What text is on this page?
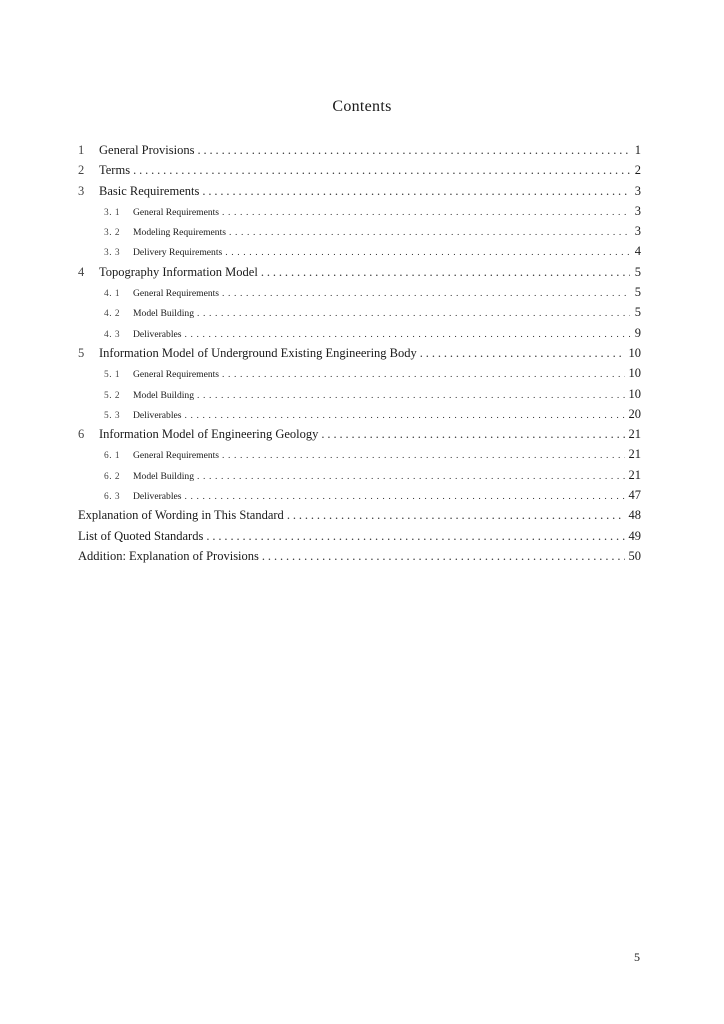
Contents
1	General Provisions .....	1
2	Terms .....	2
3	Basic Requirements .....	3
3. 1	General Requirements .....	3
3. 2	Modeling Requirements .....	3
3. 3	Delivery Requirements .....	4
4	Topography Information Model .....	5
4. 1	General Requirements .....	5
4. 2	Model Building .....	5
4. 3	Deliverables .....	9
5	Information Model of Underground Existing Engineering Body .....	10
5. 1	General Requirements .....	10
5. 2	Model Building .....	10
5. 3	Deliverables .....	20
6	Information Model of Engineering Geology .....	21
6. 1	General Requirements .....	21
6. 2	Model Building .....	21
6. 3	Deliverables .....	47
Explanation of Wording in This Standard .....	48
List of Quoted Standards .....	49
Addition: Explanation of Provisions .....	50
5
